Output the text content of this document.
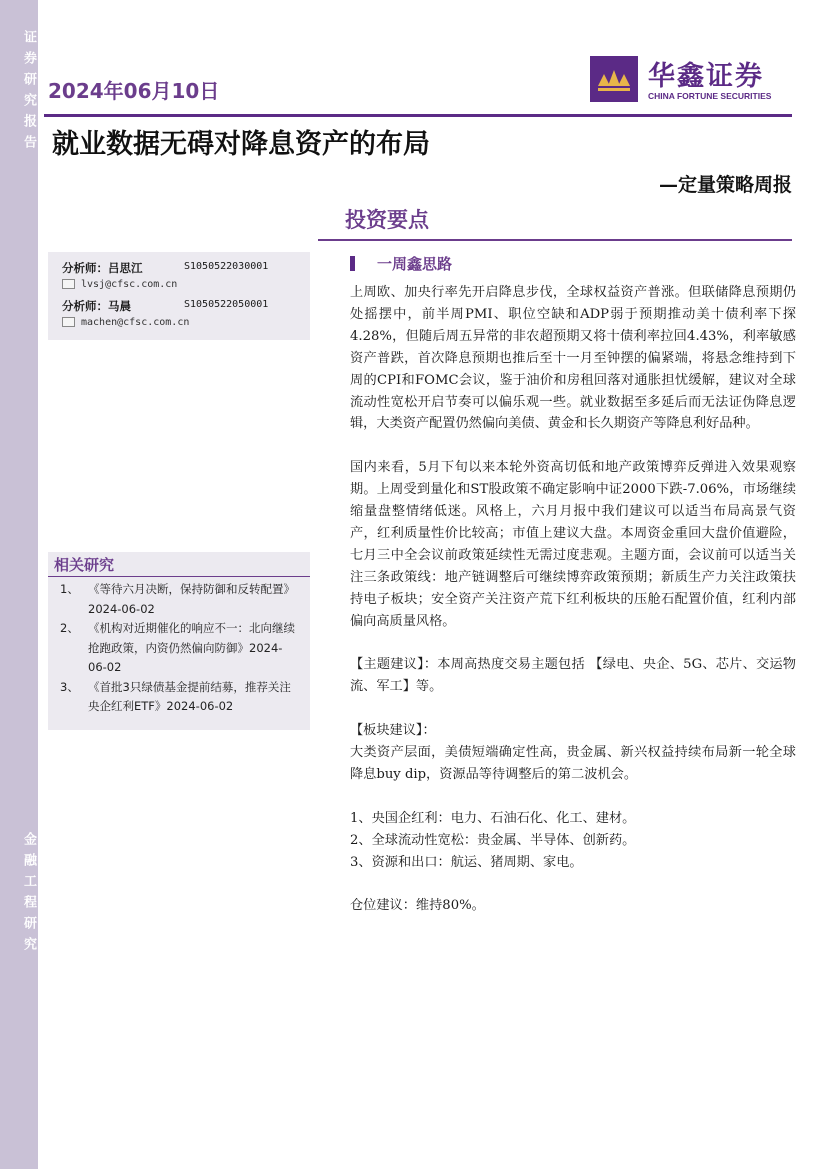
证券研究报告
金融工程研究
2024年06月10日	华鑫证券
CHINA FORTUNE SECURITIES
就业数据无碍对降息资产的布局
—定量策略周报
投资要点
分析师：吕思江	S1050522030001
lvsj@cfsc.com.cn
分析师：马晨	S1050522050001
machen@cfsc.com.cn
相关研究
1、 《等待六月决断，保持防御和反转配置》2024-06-02
2、 《机构对近期催化的响应不一：北向继续抢跑政策，内资仍然偏向防御》2024-06-02
3、 《首批3只绿债基金提前结募，推荐关注央企红利ETF》2024-06-02
一周鑫思路

上周欧、加央行率先开启降息步伐，全球权益资产普涨。但联储降息预期仍处摇摆中，前半周PMI、职位空缺和ADP弱于预期推动美十债利率下探4.28%，但随后周五异常的非农超预期又将十债利率拉回4.43%，利率敏感资产普跌，首次降息预期也推后至十一月至钟摆的偏紧端，将悬念维持到下周的CPI和FOMC会议，鉴于油价和房租回落对通胀担忧缓解，建议对全球流动性宽松开启节奏可以偏乐观一些。就业数据至多延后而无法证伪降息逻辑，大类资产配置仍然偏向美债、黄金和长久期资产等降息利好品种。

国内来看，5月下旬以来本轮外资高切低和地产政策博弈反弹进入效果观察期。上周受到量化和ST股政策不确定影响中证2000下跌-7.06%，市场继续缩量盘整情绪低迷。风格上，六月月报中我们建议可以适当布局高景气资产，红利质量性价比较高；市值上建议大盘。本周资金重回大盘价值避险，七月三中全会议前政策延续性无需过度悲观。主题方面，会议前可以适当关注三条政策线：地产链调整后可继续博弈政策预期；新质生产力关注政策扶持电子板块；安全资产关注资产荒下红利板块的压舱石配置价值，红利内部偏向高质量风格。

【主题建议】：本周高热度交易主题包括 【绿电、央企、5G、芯片、交运物流、军工】等。

【板块建议】：

大类资产层面，美债短端确定性高，贵金属、新兴权益持续布局新一轮全球降息buy dip，资源品等待调整后的第二波机会。

1、央国企红利：电力、石油石化、化工、建材。

2、全球流动性宽松：贵金属、半导体、创新药。

3、资源和出口：航运、猪周期、家电。

仓位建议：维持80%。
